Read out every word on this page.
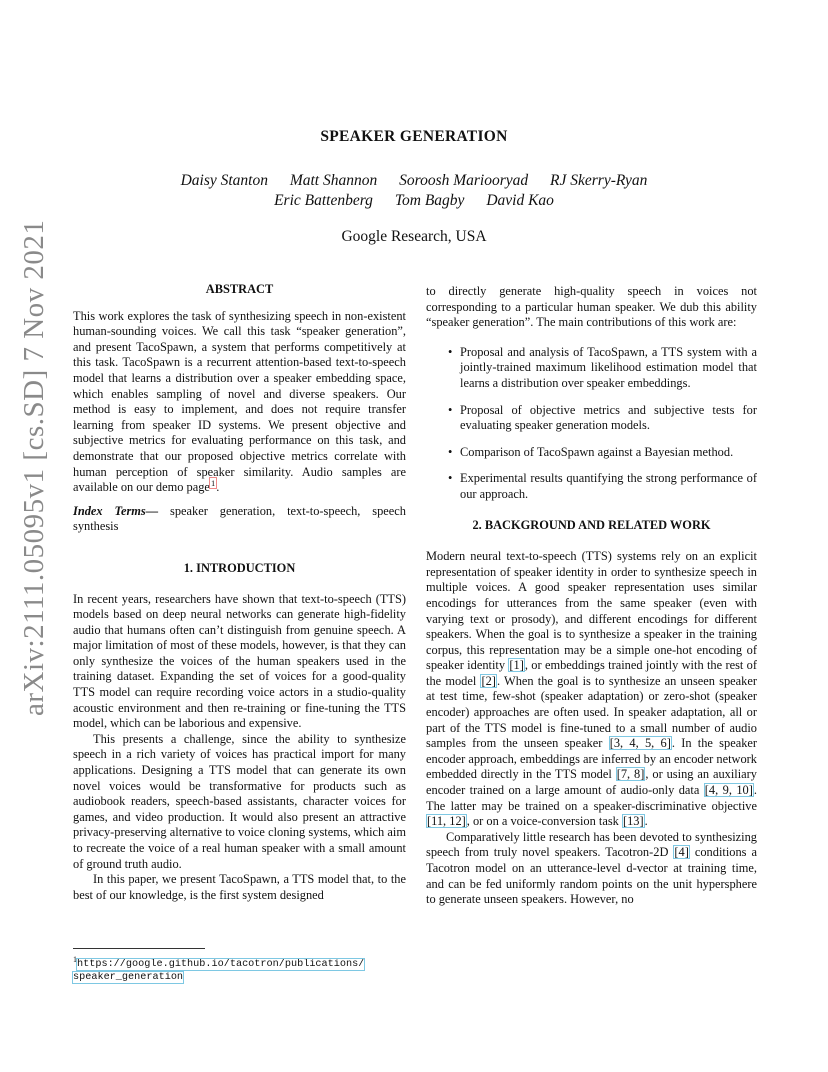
arXiv:2111.05095v1 [cs.SD] 7 Nov 2021
SPEAKER GENERATION
Daisy Stanton Matt Shannon Soroosh Mariooryad RJ Skerry-Ryan
Eric Battenberg Tom Bagby David Kao
Google Research, USA
ABSTRACT

This work explores the task of synthesizing speech in non-existent human-sounding voices. We call this task “speaker generation”, and present TacoSpawn, a system that performs competitively at this task. TacoSpawn is a recurrent attention-based text-to-speech model that learns a distribution over a speaker embedding space, which enables sampling of novel and diverse speakers. Our method is easy to implement, and does not require transfer learning from speaker ID systems. We present objective and subjective metrics for evaluating performance on this task, and demonstrate that our proposed objective metrics correlate with human perception of speaker similarity. Audio samples are available on our demo page$^1$.

Index Terms— speaker generation, text-to-speech, speech synthesis

1. INTRODUCTION

In recent years, researchers have shown that text-to-speech (TTS) models based on deep neural networks can generate high-fidelity audio that humans often can’t distinguish from genuine speech. A major limitation of most of these models, however, is that they can only synthesize the voices of the human speakers used in the training dataset. Expanding the set of voices for a good-quality TTS model can require recording voice actors in a studio-quality acoustic environment and then re-training or fine-tuning the TTS model, which can be laborious and expensive.

This presents a challenge, since the ability to synthesize speech in a rich variety of voices has practical import for many applications. Designing a TTS model that can generate its own novel voices would be transformative for products such as audiobook readers, speech-based assistants, character voices for games, and video production. It would also present an attractive privacy-preserving alternative to voice cloning systems, which aim to recreate the voice of a real human speaker with a small amount of ground truth audio.

In this paper, we present TacoSpawn, a TTS model that, to the best of our knowledge, is the first system designed

to directly generate high-quality speech in voices not corresponding to a particular human speaker. We dub this ability “speaker generation”. The main contributions of this work are:

• Proposal and analysis of TacoSpawn, a TTS system with a jointly-trained maximum likelihood estimation model that learns a distribution over speaker embeddings.
• Proposal of objective metrics and subjective tests for evaluating speaker generation models.
• Comparison of TacoSpawn against a Bayesian method.
• Experimental results quantifying the strong performance of our approach.
2. BACKGROUND AND RELATED WORK

Modern neural text-to-speech (TTS) systems rely on an explicit representation of speaker identity in order to synthesize speech in multiple voices. A good speaker representation uses similar encodings for utterances from the same speaker (even with varying text or prosody), and different encodings for different speakers. When the goal is to synthesize a speaker in the training corpus, this representation may be a simple one-hot encoding of speaker identity [1], or embeddings trained jointly with the rest of the model [2]. When the goal is to synthesize an unseen speaker at test time, few-shot (speaker adaptation) or zero-shot (speaker encoder) approaches are often used. In speaker adaptation, all or part of the TTS model is fine-tuned to a small number of audio samples from the unseen speaker [3, 4, 5, 6]. In the speaker encoder approach, embeddings are inferred by an encoder network embedded directly in the TTS model [7, 8], or using an auxiliary encoder trained on a large amount of audio-only data [4, 9, 10]. The latter may be trained on a speaker-discriminative objective [11, 12], or on a voice-conversion task [13].

Comparatively little research has been devoted to synthesizing speech from truly novel speakers. Tacotron-2D [4] conditions a Tacotron model on an utterance-level d-vector at training time, and can be fed uniformly random points on the unit hypersphere to generate unseen speakers. However, no

$^1$https://google.github.io/tacotron/publications/
speaker_generation
